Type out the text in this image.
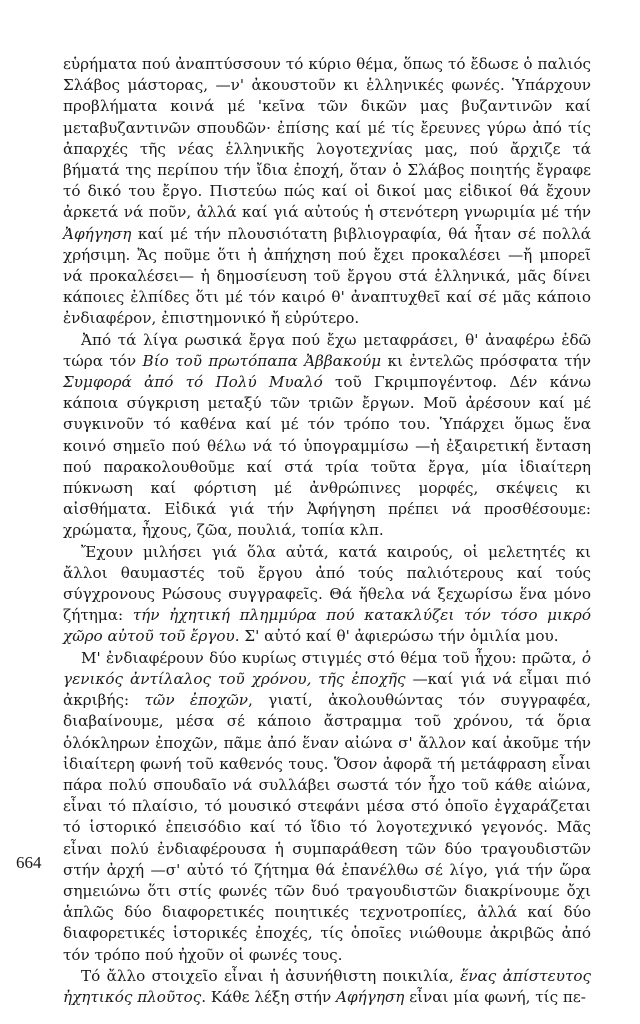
εὑρήματα πού ἀναπτύσσουν τό κύριο θέμα, ὅπως τό ἔδωσε ὁ παλιός Σλάβος μάστορας, —ν' ἀκουστοῦν κι ἑλληνικές φωνές. Ὑπάρχουν προβλήματα κοινά μέ 'κεῖνα τῶν δικῶν μας βυζαντινῶν καί μεταβυζαντινῶν σπουδῶν· ἐπίσης καί μέ τίς ἔρευνες γύρω ἀπό τίς ἀπαρχές τῆς νέας ἑλληνικῆς λογοτεχνίας μας, πού ἄρχιζε τά βήματά της περίπου τήν ἴδια ἐποχή, ὅταν ὁ Σλάβος ποιητής ἔγραφε τό δικό του ἔργο. Πιστεύω πώς καί οἱ δικοί μας εἰδικοί θά ἔχουν ἀρκετά νά ποῦν, ἀλλά καί γιά αὐτούς ἡ στενότερη γνωριμία μέ τήν Ἀφήγηση καί μέ τήν πλουσιότατη βιβλιογραφία, θά ἦταν σέ πολλά χρήσιμη. Ἄς ποῦμε ὅτι ἡ ἀπήχηση πού ἔχει προκαλέσει —ἤ μπορεῖ νά προκαλέσει— ἡ δημοσίευση τοῦ ἔργου στά ἑλληνικά, μᾶς δίνει κάποιες ἐλπίδες ὅτι μέ τόν καιρό θ' ἀναπτυχθεῖ καί σέ μᾶς κάποιο ἐνδιαφέρον, ἐπιστημονικό ἤ εὐρύτερο.

Ἀπό τά λίγα ρωσικά ἔργα πού ἔχω μεταφράσει, θ' ἀναφέρω ἐδῶ τώρα τόν Βίο τοῦ πρωτόπαπα Ἀββακούμ κι ἐντελῶς πρόσφατα τήν Συμφορά ἀπό τό Πολύ Μυαλό τοῦ Γκριμπογέντοφ. Δέν κάνω κάποια σύγκριση μεταξύ τῶν τριῶν ἔργων. Μοῦ ἀρέσουν καί μέ συγκινοῦν τό καθένα καί μέ τόν τρόπο του. Ὑπάρχει ὅμως ἕνα κοινό σημεῖο πού θέλω νά τό ὑπογραμμίσω —ἡ ἐξαιρετική ἔνταση πού παρακολουθοῦμε καί στά τρία τοῦτα ἔργα, μία ἰδιαίτερη πύκνωση καί φόρτιση μέ ἀνθρώπινες μορφές, σκέψεις κι αἰσθήματα. Εἰδικά γιά τήν Ἀφήγηση πρέπει νά προσθέσουμε: χρώματα, ἦχους, ζῶα, πουλιά, τοπία κλπ.

Ἔχουν μιλήσει γιά ὅλα αὐτά, κατά καιρούς, οἱ μελετητές κι ἄλλοι θαυμαστές τοῦ ἔργου ἀπό τούς παλιότερους καί τούς σύγχρονους Ρώσους συγγραφεῖς. Θά ἤθελα νά ξεχωρίσω ἕνα μόνο ζήτημα: τήν ἠχητική πλημμύρα πού κατακλύζει τόν τόσο μικρό χῶρο αὐτοῦ τοῦ ἔργου. Σ' αὐτό καί θ' ἀφιερώσω τήν ὁμιλία μου.

Μ' ἐνδιαφέρουν δύο κυρίως στιγμές στό θέμα τοῦ ἦχου: πρῶτα, ὁ γενικός ἀντίλαλος τοῦ χρόνου, τῆς ἐποχῆς —καί γιά νά εἶμαι πιό ἀκριβής: τῶν ἐποχῶν, γιατί, ἀκολουθώντας τόν συγγραφέα, διαβαίνουμε, μέσα σέ κάποιο ἄστραμμα τοῦ χρόνου, τά ὅρια ὁλόκληρων ἐποχῶν, πᾶμε ἀπό ἕναν αἰώνα σ' ἄλλον καί ἀκοῦμε τήν ἰδιαίτερη φωνή τοῦ καθενός τους. Ὅσον ἀφορᾶ τή μετάφραση εἶναι πάρα πολύ σπουδαῖο νά συλλάβει σωστά τόν ἦχο τοῦ κάθε αἰώνα, εἶναι τό πλαίσιο, τό μουσικό στεφάνι μέσα στό ὁποῖο ἐγχαράζεται τό ἱστορικό ἐπεισόδιο καί τό ἴδιο τό λογοτεχνικό γεγονός. Μᾶς εἶναι πολύ ἐνδιαφέρουσα ἡ συμπαράθεση τῶν δύο τραγουδιστῶν στήν ἀρχή —σ' αὐτό τό ζήτημα θά ἐπανέλθω σέ λίγο, γιά τήν ὥρα σημειώνω ὅτι στίς φωνές τῶν δυό τραγουδιστῶν διακρίνουμε ὄχι ἁπλῶς δύο διαφορετικές ποιητικές τεχνοτροπίες, ἀλλά καί δύο διαφορετικές ἱστορικές ἐποχές, τίς ὁποῖες νιώθουμε ἀκριβῶς ἀπό τόν τρόπο πού ἠχοῦν οἱ φωνές τους.

Τό ἄλλο στοιχεῖο εἶναι ἡ ἀσυνήθιστη ποικιλία, ἕνας ἀπίστευτος ἠχητικός πλοῦτος. Κάθε λέξη στήν Αφήγηση εἶναι μία φωνή, τίς πε-

664
